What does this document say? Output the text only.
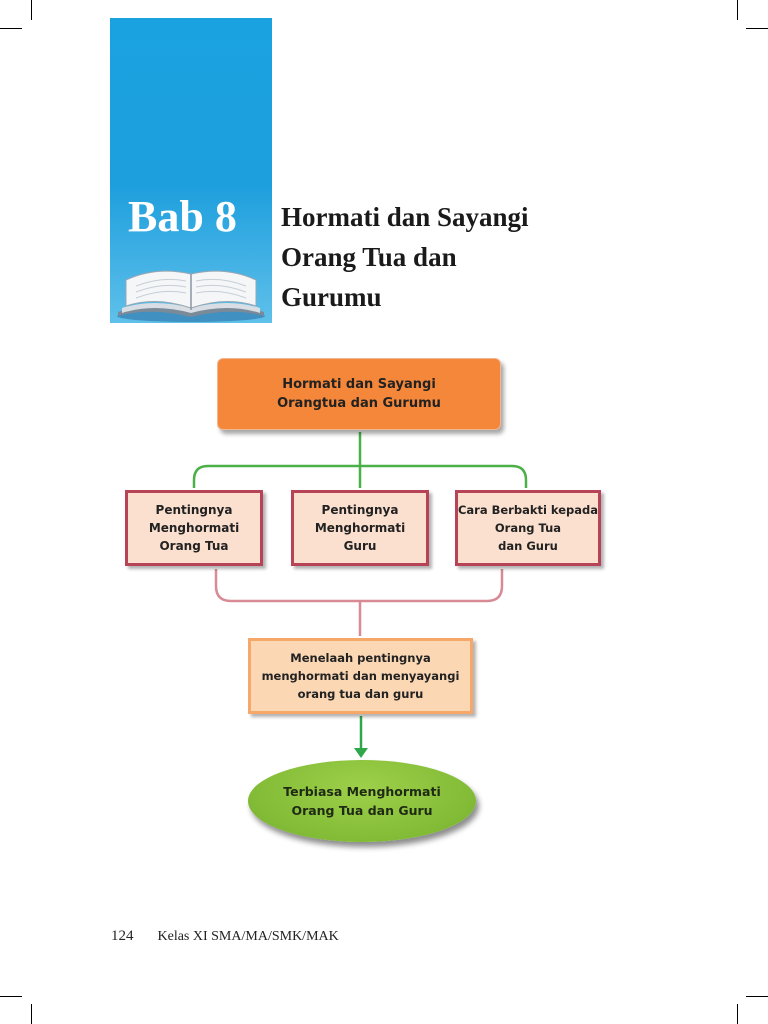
Bab 8 Hormati dan Sayangi
Orang Tua dan
Gurumu
Hormati dan Sayangi
Orangtua dan Gurumu
Pentingnya
Menghormati
Orang Tua
Pentingnya
Menghormati
Guru
Cara Berbakti kepada
Orang Tua
dan Guru
Menelaah pentingnya
menghormati dan menyayangi
orang tua dan guru
Terbiasa Menghormati
Orang Tua dan Guru
124 Kelas XI SMA/MA/SMK/MAK
